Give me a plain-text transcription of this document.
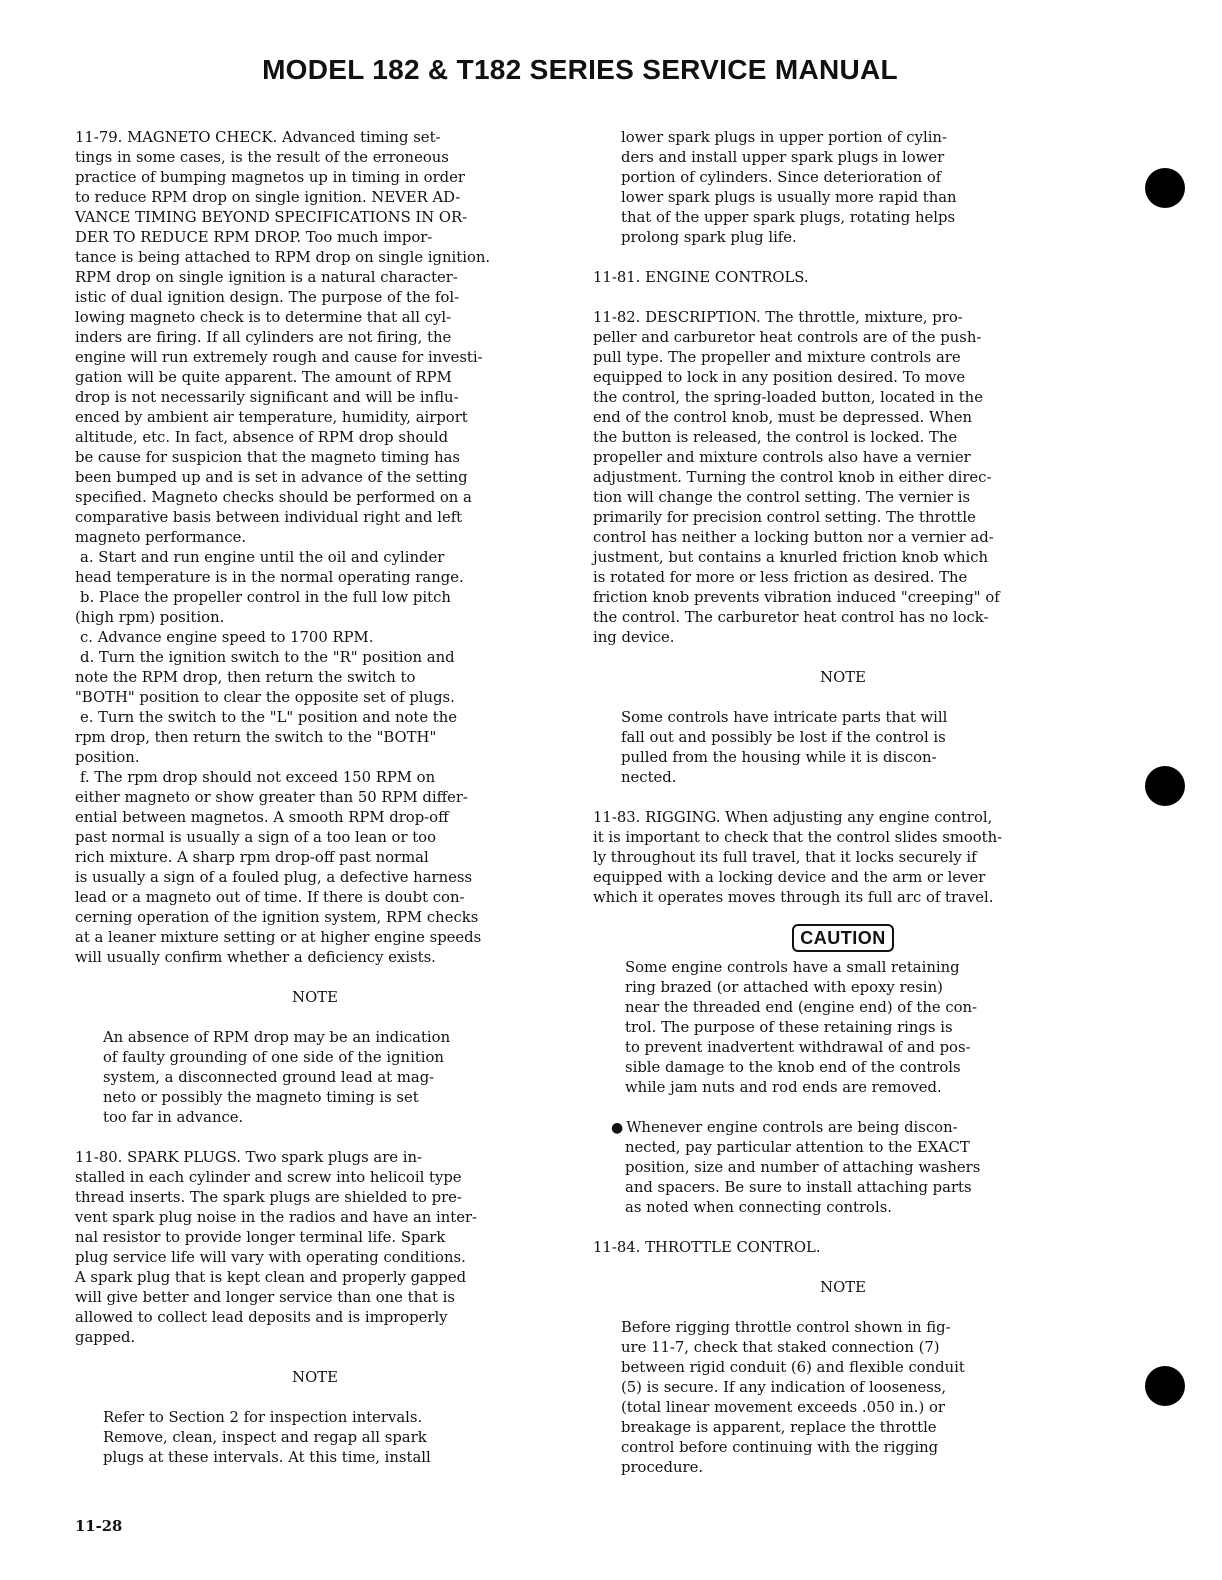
MODEL 182 & T182 SERIES SERVICE MANUAL
11-79. MAGNETO CHECK. Advanced timing set-
tings in some cases, is the result of the erroneous
practice of bumping magnetos up in timing in order
to reduce RPM drop on single ignition. NEVER AD-
VANCE TIMING BEYOND SPECIFICATIONS IN OR-
DER TO REDUCE RPM DROP. Too much impor-
tance is being attached to RPM drop on single ignition.
RPM drop on single ignition is a natural character-
istic of dual ignition design. The purpose of the fol-
lowing magneto check is to determine that all cyl-
inders are firing. If all cylinders are not firing, the
engine will run extremely rough and cause for investi-
gation will be quite apparent. The amount of RPM
drop is not necessarily significant and will be influ-
enced by ambient air temperature, humidity, airport
altitude, etc. In fact, absence of RPM drop should
be cause for suspicion that the magneto timing has
been bumped up and is set in advance of the setting
specified. Magneto checks should be performed on a
comparative basis between individual right and left
magneto performance.
a. Start and run engine until the oil and cylinder
head temperature is in the normal operating range.
b. Place the propeller control in the full low pitch
(high rpm) position.
c. Advance engine speed to 1700 RPM.
d. Turn the ignition switch to the "R" position and
note the RPM drop, then return the switch to
"BOTH" position to clear the opposite set of plugs.
e. Turn the switch to the "L" position and note the
rpm drop, then return the switch to the "BOTH"
position.
f. The rpm drop should not exceed 150 RPM on
either magneto or show greater than 50 RPM differ-
ential between magnetos. A smooth RPM drop-off
past normal is usually a sign of a too lean or too
rich mixture. A sharp rpm drop-off past normal
is usually a sign of a fouled plug, a defective harness
lead or a magneto out of time. If there is doubt con-
cerning operation of the ignition system, RPM checks
at a leaner mixture setting or at higher engine speeds
will usually confirm whether a deficiency exists.
NOTE
An absence of RPM drop may be an indication
of faulty grounding of one side of the ignition
system, a disconnected ground lead at mag-
neto or possibly the magneto timing is set
too far in advance.
11-80. SPARK PLUGS. Two spark plugs are in-
stalled in each cylinder and screw into helicoil type
thread inserts. The spark plugs are shielded to pre-
vent spark plug noise in the radios and have an inter-
nal resistor to provide longer terminal life. Spark
plug service life will vary with operating conditions.
A spark plug that is kept clean and properly gapped
will give better and longer service than one that is
allowed to collect lead deposits and is improperly
gapped.
NOTE
Refer to Section 2 for inspection intervals.
Remove, clean, inspect and regap all spark
plugs at these intervals. At this time, install
lower spark plugs in upper portion of cylin-
ders and install upper spark plugs in lower
portion of cylinders. Since deterioration of
lower spark plugs is usually more rapid than
that of the upper spark plugs, rotating helps
prolong spark plug life.
11-81. ENGINE CONTROLS.
11-82. DESCRIPTION. The throttle, mixture, pro-
peller and carburetor heat controls are of the push-
pull type. The propeller and mixture controls are
equipped to lock in any position desired. To move
the control, the spring-loaded button, located in the
end of the control knob, must be depressed. When
the button is released, the control is locked. The
propeller and mixture controls also have a vernier
adjustment. Turning the control knob in either direc-
tion will change the control setting. The vernier is
primarily for precision control setting. The throttle
control has neither a locking button nor a vernier ad-
justment, but contains a knurled friction knob which
is rotated for more or less friction as desired. The
friction knob prevents vibration induced "creeping" of
the control. The carburetor heat control has no lock-
ing device.
NOTE
Some controls have intricate parts that will
fall out and possibly be lost if the control is
pulled from the housing while it is discon-
nected.
11-83. RIGGING. When adjusting any engine control,
it is important to check that the control slides smooth-
ly throughout its full travel, that it locks securely if
equipped with a locking device and the arm or lever
which it operates moves through its full arc of travel.
CAUTION
Some engine controls have a small retaining
ring brazed (or attached with epoxy resin)
near the threaded end (engine end) of the con-
trol. The purpose of these retaining rings is
to prevent inadvertent withdrawal of and pos-
sible damage to the knob end of the controls
while jam nuts and rod ends are removed.
● Whenever engine controls are being discon-
nected, pay particular attention to the EXACT
position, size and number of attaching washers
and spacers. Be sure to install attaching parts
as noted when connecting controls.
11-84. THROTTLE CONTROL.
NOTE
Before rigging throttle control shown in fig-
ure 11-7, check that staked connection (7)
between rigid conduit (6) and flexible conduit
(5) is secure. If any indication of looseness,
(total linear movement exceeds .050 in.) or
breakage is apparent, replace the throttle
control before continuing with the rigging
procedure.
11-28
